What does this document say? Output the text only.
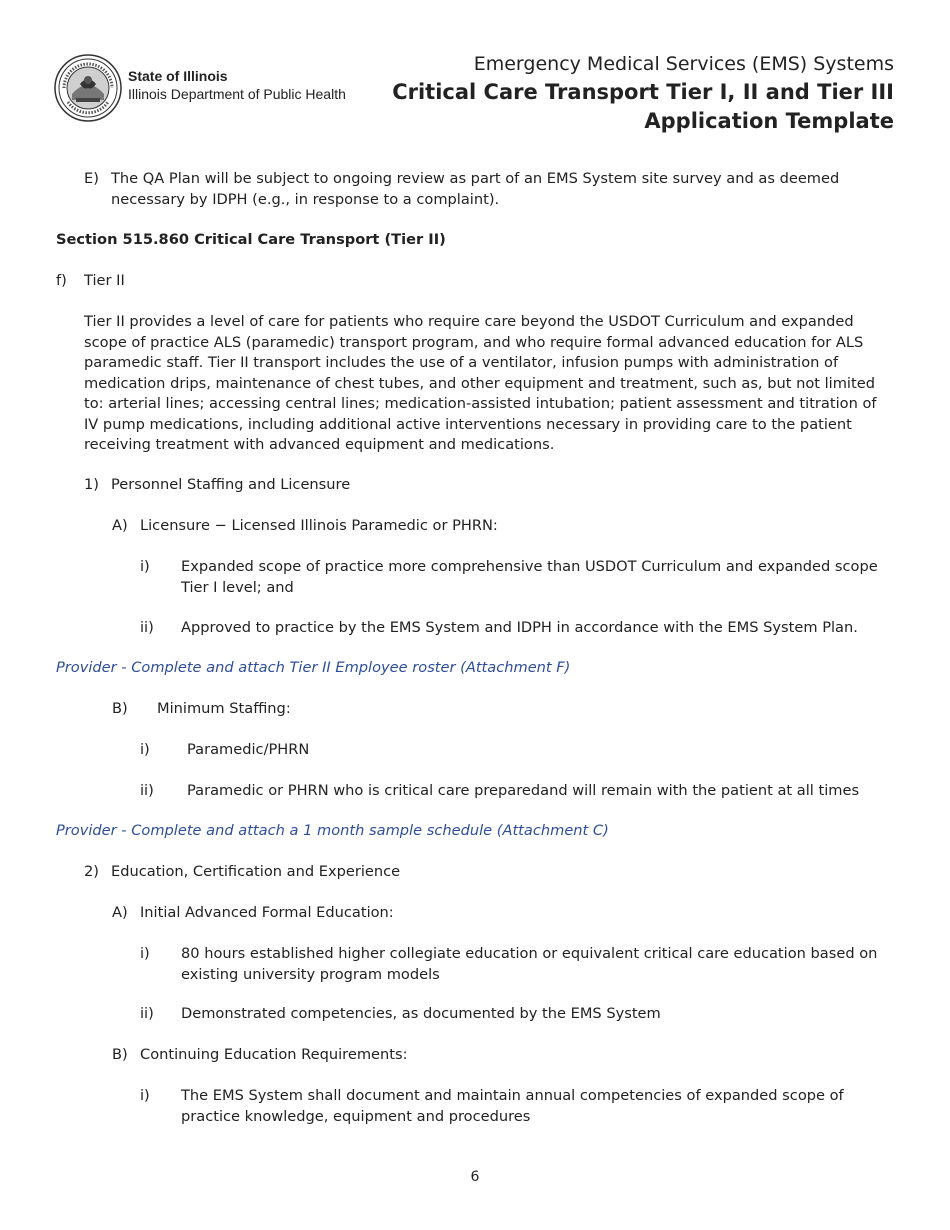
State of Illinois
Illinois Department of Public Health
Emergency Medical Services (EMS) Systems
Critical Care Transport Tier I, II and Tier III
Application Template
E) The QA Plan will be subject to ongoing review as part of an EMS System site survey and as deemed necessary by IDPH (e.g., in response to a complaint).
Section 515.860 Critical Care Transport (Tier II)
f) Tier II
Tier II provides a level of care for patients who require care beyond the USDOT Curriculum and expanded scope of practice ALS (paramedic) transport program, and who require formal advanced education for ALS paramedic staff. Tier II transport includes the use of a ventilator, infusion pumps with administration of medication drips, maintenance of chest tubes, and other equipment and treatment, such as, but not limited to: arterial lines; accessing central lines; medication-assisted intubation; patient assessment and titration of IV pump medications, including additional active interventions necessary in providing care to the patient receiving treatment with advanced equipment and medications.
1) Personnel Staffing and Licensure
A) Licensure − Licensed Illinois Paramedic or PHRN:
i) Expanded scope of practice more comprehensive than USDOT Curriculum and expanded scope Tier I level; and
ii) Approved to practice by the EMS System and IDPH in accordance with the EMS System Plan.
Provider - Complete and attach Tier II Employee roster (Attachment F)
B) Minimum Staffing:
i)	Paramedic/PHRN
ii) Paramedic or PHRN who is critical care preparedand will remain with the patient at all times
Provider - Complete and attach a 1 month sample schedule (Attachment C)
2) Education, Certification and Experience
A) Initial Advanced Formal Education:
i) 80 hours established higher collegiate education or equivalent critical care education based on existing university program models
ii) Demonstrated competencies, as documented by the EMS System
B) Continuing Education Requirements:
i) The EMS System shall document and maintain annual competencies of expanded scope of practice knowledge, equipment and procedures
6
